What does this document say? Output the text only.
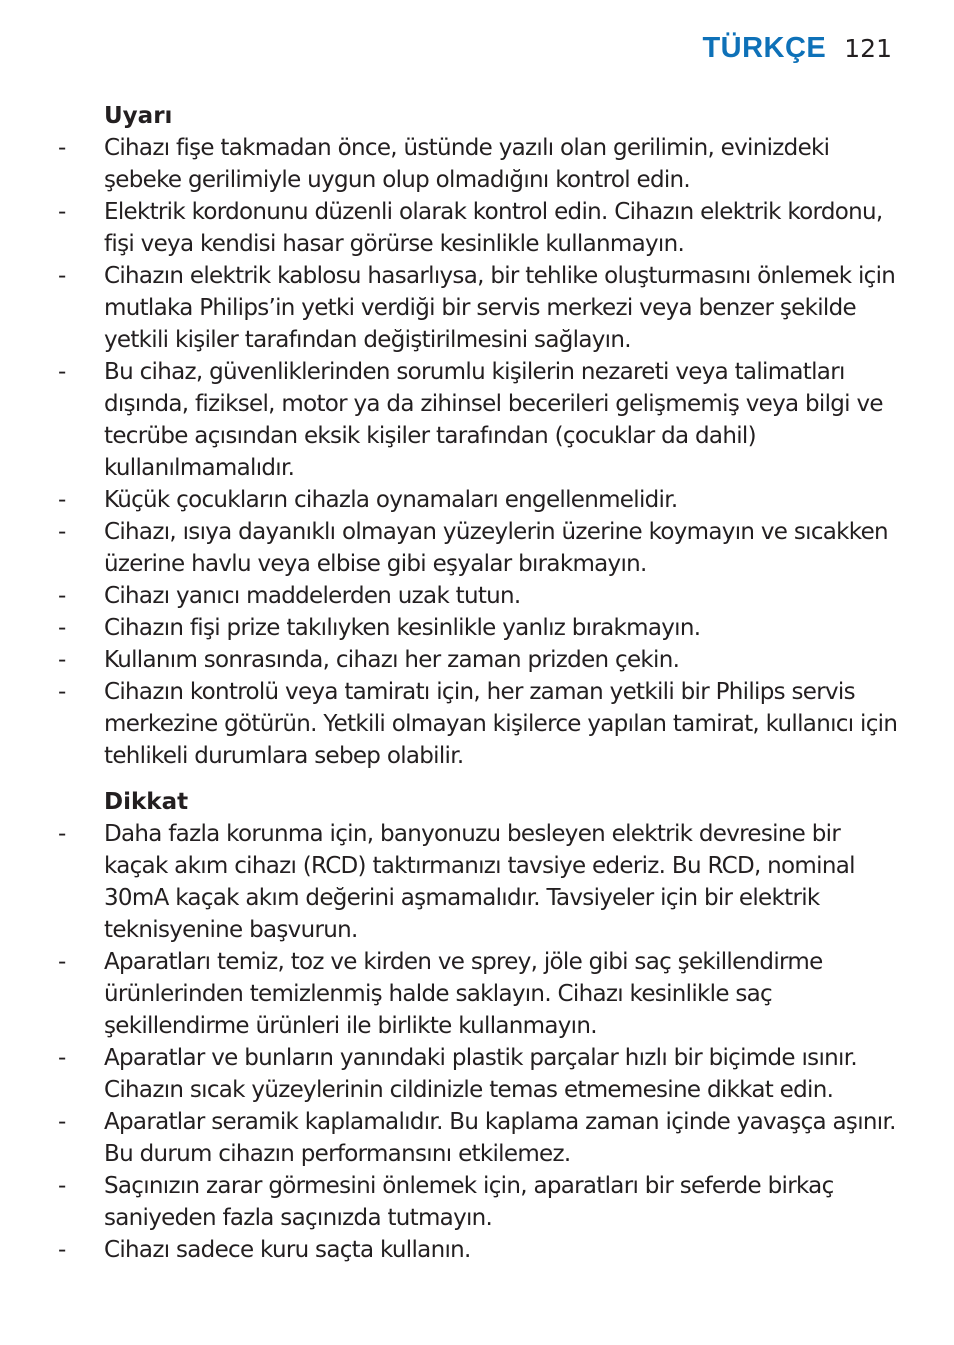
TÜRKÇE 121
Uyarı
- Cihazı fişe takmadan önce, üstünde yazılı olan gerilimin, evinizdeki şebeke gerilimiyle uygun olup olmadığını kontrol edin.
- Elektrik kordonunu düzenli olarak kontrol edin. Cihazın elektrik kordonu, fişi veya kendisi hasar görürse kesinlikle kullanmayın.
- Cihazın elektrik kablosu hasarlıysa, bir tehlike oluşturmasını önlemek için mutlaka Philips’in yetki verdiği bir servis merkezi veya benzer şekilde yetkili kişiler tarafından değiştirilmesini sağlayın.
- Bu cihaz, güvenliklerinden sorumlu kişilerin nezareti veya talimatları dışında, fiziksel, motor ya da zihinsel becerileri gelişmemiş veya bilgi ve tecrübe açısından eksik kişiler tarafından (çocuklar da dahil) kullanılmamalıdır.
- Küçük çocukların cihazla oynamaları engellenmelidir.
- Cihazı, ısıya dayanıklı olmayan yüzeylerin üzerine koymayın ve sıcakken üzerine havlu veya elbise gibi eşyalar bırakmayın.
- Cihazı yanıcı maddelerden uzak tutun.
- Cihazın fişi prize takılıyken kesinlikle yanlız bırakmayın.
- Kullanım sonrasında, cihazı her zaman prizden çekin.
- Cihazın kontrolü veya tamiratı için, her zaman yetkili bir Philips servis merkezine götürün. Yetkili olmayan kişilerce yapılan tamirat, kullanıcı için tehlikeli durumlara sebep olabilir.
Dikkat
- Daha fazla korunma için, banyonuzu besleyen elektrik devresine bir kaçak akım cihazı (RCD) taktırmanızı tavsiye ederiz. Bu RCD, nominal 30mA kaçak akım değerini aşmamalıdır. Tavsiyeler için bir elektrik teknisyenine başvurun.
- Aparatları temiz, toz ve kirden ve sprey, jöle gibi saç şekillendirme ürünlerinden temizlenmiş halde saklayın. Cihazı kesinlikle saç şekillendirme ürünleri ile birlikte kullanmayın.
- Aparatlar ve bunların yanındaki plastik parçalar hızlı bir biçimde ısınır. Cihazın sıcak yüzeylerinin cildinizle temas etmemesine dikkat edin.
- Aparatlar seramik kaplamalıdır. Bu kaplama zaman içinde yavaşça aşınır. Bu durum cihazın performansını etkilemez.
- Saçınızın zarar görmesini önlemek için, aparatları bir seferde birkaç saniyeden fazla saçınızda tutmayın.
- Cihazı sadece kuru saçta kullanın.
